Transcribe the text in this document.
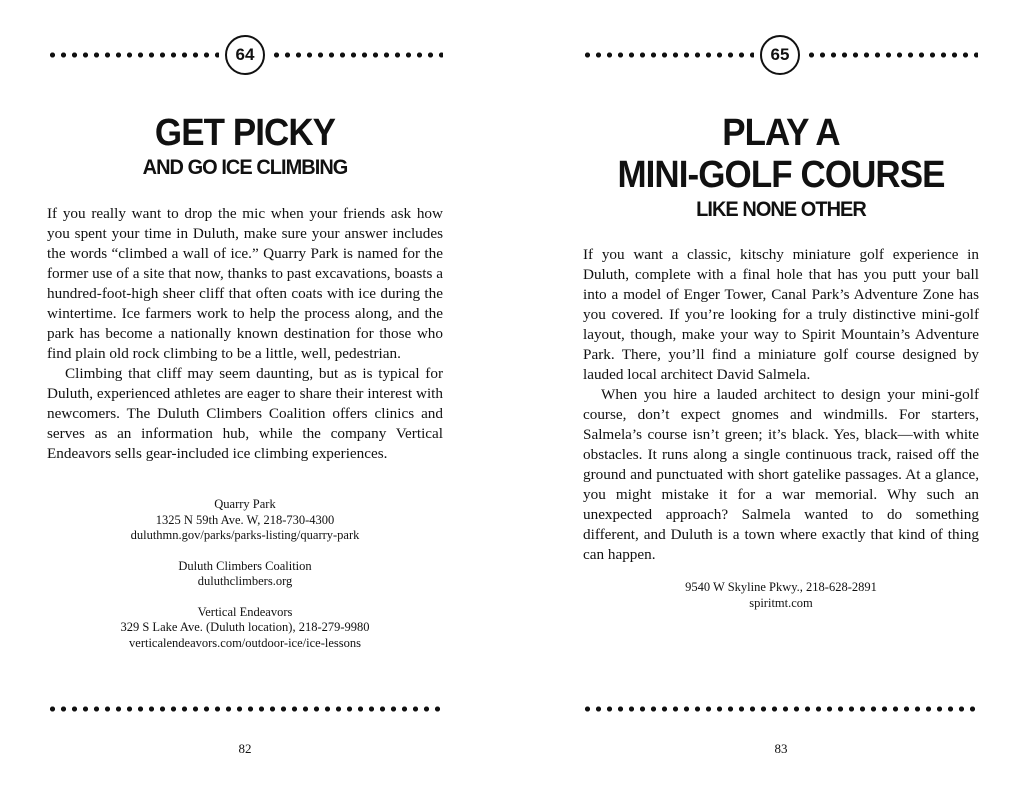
64
GET PICKY
AND GO ICE CLIMBING

If you really want to drop the mic when your friends ask how you spent your time in Duluth, make sure your answer includes the words “climbed a wall of ice.” Quarry Park is named for the former use of a site that now, thanks to past excavations, boasts a hundred-foot-high sheer cliff that often coats with ice during the wintertime. Ice farmers work to help the process along, and the park has become a nationally known destination for those who find plain old rock climbing to be a little, well, pedestrian.

Climbing that cliff may seem daunting, but as is typical for Duluth, experienced athletes are eager to share their interest with newcomers. The Duluth Climbers Coalition offers clinics and serves as an information hub, while the company Vertical Endeavors sells gear-included ice climbing experiences.

Quarry Park
1325 N 59th Ave. W, 218-730-4300
duluthmn.gov/parks/parks-listing/quarry-park
Duluth Climbers Coalition
duluthclimbers.org
Vertical Endeavors
329 S Lake Ave. (Duluth location), 218-279-9980
verticalendeavors.com/outdoor-ice/ice-lessons
82
65
PLAY A
MINI-GOLF COURSE
LIKE NONE OTHER

If you want a classic, kitschy miniature golf experience in Duluth, complete with a final hole that has you putt your ball into a model of Enger Tower, Canal Park’s Adventure Zone has you covered. If you’re looking for a truly distinctive mini-golf layout, though, make your way to Spirit Mountain’s Adventure Park. There, you’ll find a miniature golf course designed by lauded local architect David Salmela.

When you hire a lauded architect to design your mini-golf course, don’t expect gnomes and windmills. For starters, Salmela’s course isn’t green; it’s black. Yes, black—with white obstacles. It runs along a single continuous track, raised off the ground and punctuated with short gatelike passages. At a glance, you might mistake it for a war memorial. Why such an unexpected approach? Salmela wanted to do something different, and Duluth is a town where exactly that kind of thing can happen.

9540 W Skyline Pkwy., 218-628-2891
spiritmt.com
83
